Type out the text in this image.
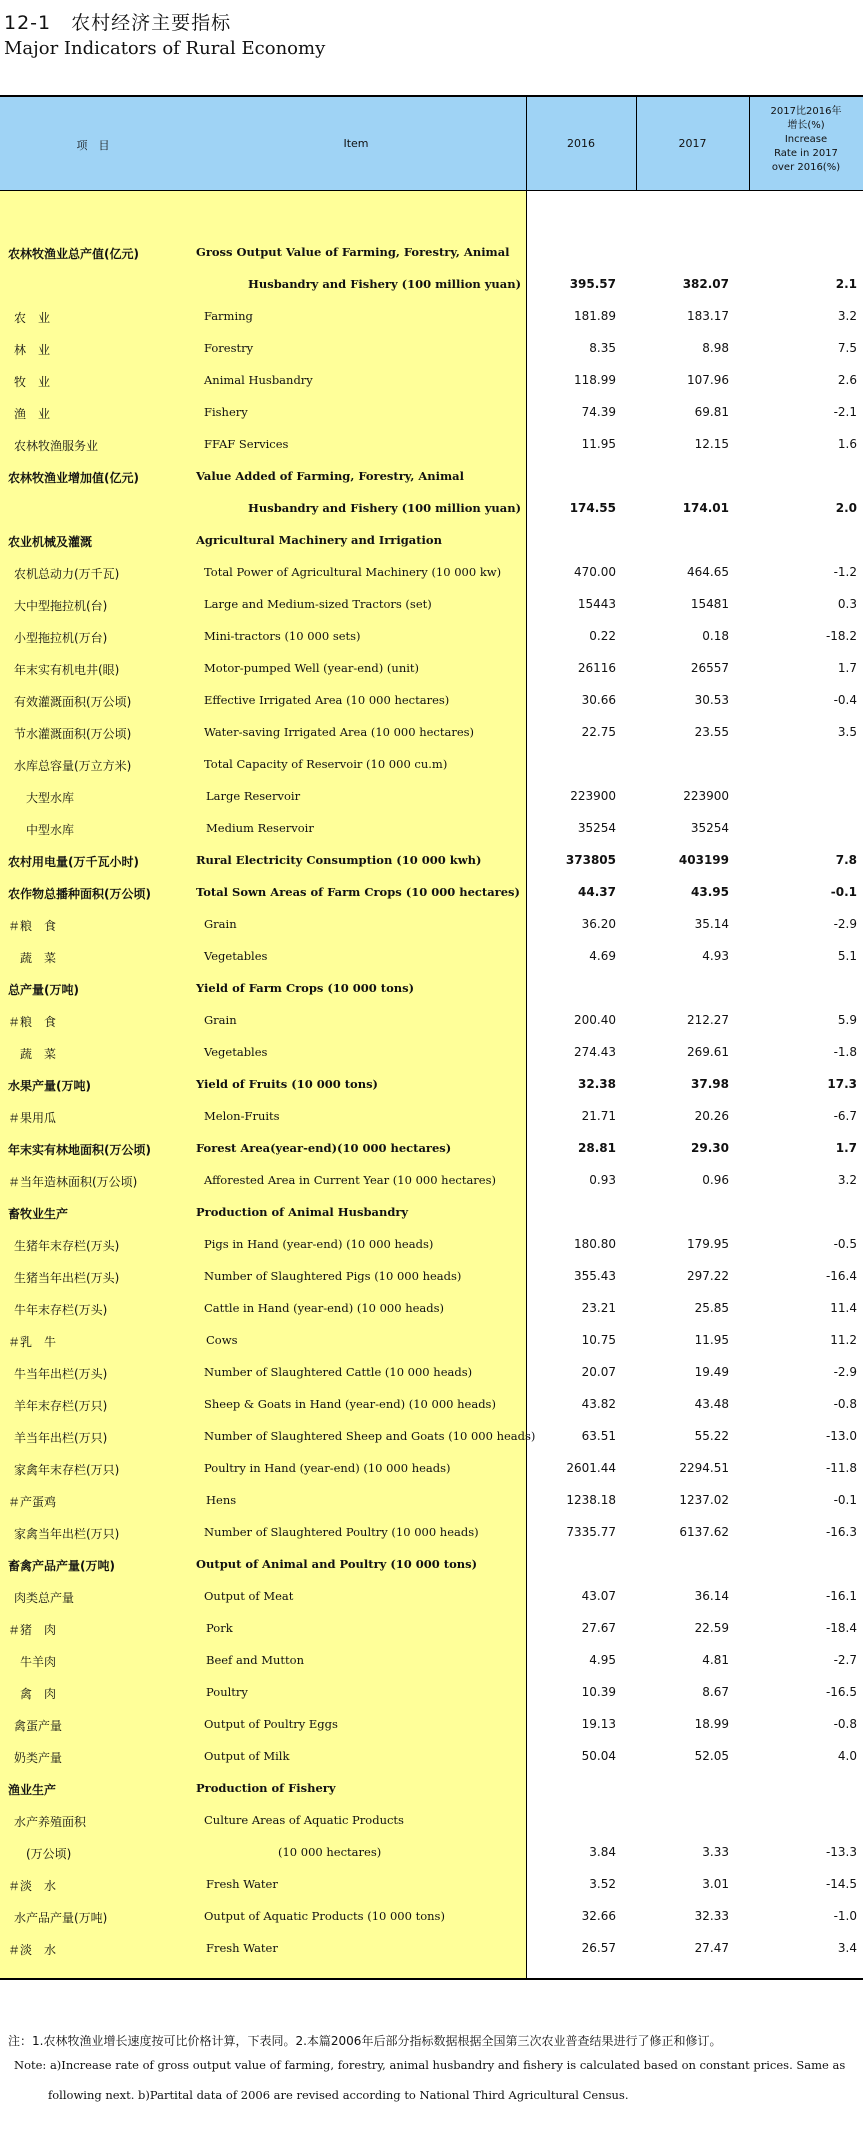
12-1　农村经济主要指标
Major Indicators of Rural Economy
项　目	Item	2016	2017
2017比2016年
增长(%)
Increase
Rate in 2017
over 2016(%)
农林牧渔业总产值(亿元)	Gross Output Value of Farming, Forestry, Animal
Husbandry and Fishery (100 million yuan)	395.57	382.07	2.1
农　业	Farming	181.89	183.17	3.2
林　业	Forestry	8.35	8.98	7.5
牧　业	Animal Husbandry	118.99	107.96	2.6
渔　业	Fishery	74.39	69.81	-2.1
农林牧渔服务业	FFAF Services	11.95	12.15	1.6
农林牧渔业增加值(亿元)	Value Added of Farming, Forestry, Animal
Husbandry and Fishery (100 million yuan)	174.55	174.01	2.0
农业机械及灌溉	Agricultural Machinery and Irrigation
农机总动力(万千瓦)	Total Power of Agricultural Machinery (10 000 kw)	470.00	464.65	-1.2
大中型拖拉机(台)	Large and Medium-sized Tractors (set)	15443	15481	0.3
小型拖拉机(万台)	Mini-tractors (10 000 sets)	0.22	0.18	-18.2
年末实有机电井(眼)	Motor-pumped Well (year-end) (unit)	26116	26557	1.7
有效灌溉面积(万公顷)	Effective Irrigated Area (10 000 hectares)	30.66	30.53	-0.4
节水灌溉面积(万公顷)	Water-saving Irrigated Area (10 000 hectares)	22.75	23.55	3.5
水库总容量(万立方米)	Total Capacity of Reservoir (10 000 cu.m)
　大型水库	Large Reservoir	223900	223900
　中型水库	Medium Reservoir	35254	35254
农村用电量(万千瓦小时)	Rural Electricity Consumption (10 000 kwh)	373805	403199	7.8
农作物总播种面积(万公顷)	Total Sown Areas of Farm Crops (10 000 hectares)	44.37	43.95	-0.1
＃粮　食	Grain	36.20	35.14	-2.9
　蔬　菜	Vegetables	4.69	4.93	5.1
总产量(万吨)	Yield of Farm Crops (10 000 tons)
＃粮　食	Grain	200.40	212.27	5.9
　蔬　菜	Vegetables	274.43	269.61	-1.8
水果产量(万吨)	Yield of Fruits (10 000 tons)	32.38	37.98	17.3
＃果用瓜	Melon-Fruits	21.71	20.26	-6.7
年末实有林地面积(万公顷)	Forest Area(year-end)(10 000 hectares)	28.81	29.30	1.7
＃当年造林面积(万公顷)	Afforested Area in Current Year (10 000 hectares)	0.93	0.96	3.2
畜牧业生产	Production of Animal Husbandry
生猪年末存栏(万头)	Pigs in Hand (year-end) (10 000 heads)	180.80	179.95	-0.5
生猪当年出栏(万头)	Number of Slaughtered Pigs (10 000 heads)	355.43	297.22	-16.4
牛年末存栏(万头)	Cattle in Hand (year-end) (10 000 heads)	23.21	25.85	11.4
＃乳　牛	Cows	10.75	11.95	11.2
牛当年出栏(万头)	Number of Slaughtered Cattle (10 000 heads)	20.07	19.49	-2.9
羊年末存栏(万只)	Sheep & Goats in Hand (year-end) (10 000 heads)	43.82	43.48	-0.8
羊当年出栏(万只)	Number of Slaughtered Sheep and Goats (10 000 heads)	63.51	55.22	-13.0
家禽年末存栏(万只)	Poultry in Hand (year-end) (10 000 heads)	2601.44	2294.51	-11.8
＃产蛋鸡	Hens	1238.18	1237.02	-0.1
家禽当年出栏(万只)	Number of Slaughtered Poultry (10 000 heads)	7335.77	6137.62	-16.3
畜禽产品产量(万吨)	Output of Animal and Poultry (10 000 tons)
肉类总产量	Output of Meat	43.07	36.14	-16.1
＃猪　肉	Pork	27.67	22.59	-18.4
　牛羊肉	Beef and Mutton	4.95	4.81	-2.7
　禽　肉	Poultry	10.39	8.67	-16.5
禽蛋产量	Output of Poultry Eggs	19.13	18.99	-0.8
奶类产量	Output of Milk	50.04	52.05	4.0
渔业生产	Production of Fishery
水产养殖面积	Culture Areas of Aquatic Products
　(万公顷)	(10 000 hectares)	3.84	3.33	-13.3
＃淡　水	Fresh Water	3.52	3.01	-14.5
水产品产量(万吨)	Output of Aquatic Products (10 000 tons)	32.66	32.33	-1.0
＃淡　水	Fresh Water	26.57	27.47	3.4
注：1.农林牧渔业增长速度按可比价格计算，下表同。2.本篇2006年后部分指标数据根据全国第三次农业普查结果进行了修正和修订。
Note: a)Increase rate of gross output value of farming, forestry, animal husbandry and fishery is calculated based on constant prices. Same as
following next. b)Partital data of 2006 are revised according to National Third Agricultural Census.
